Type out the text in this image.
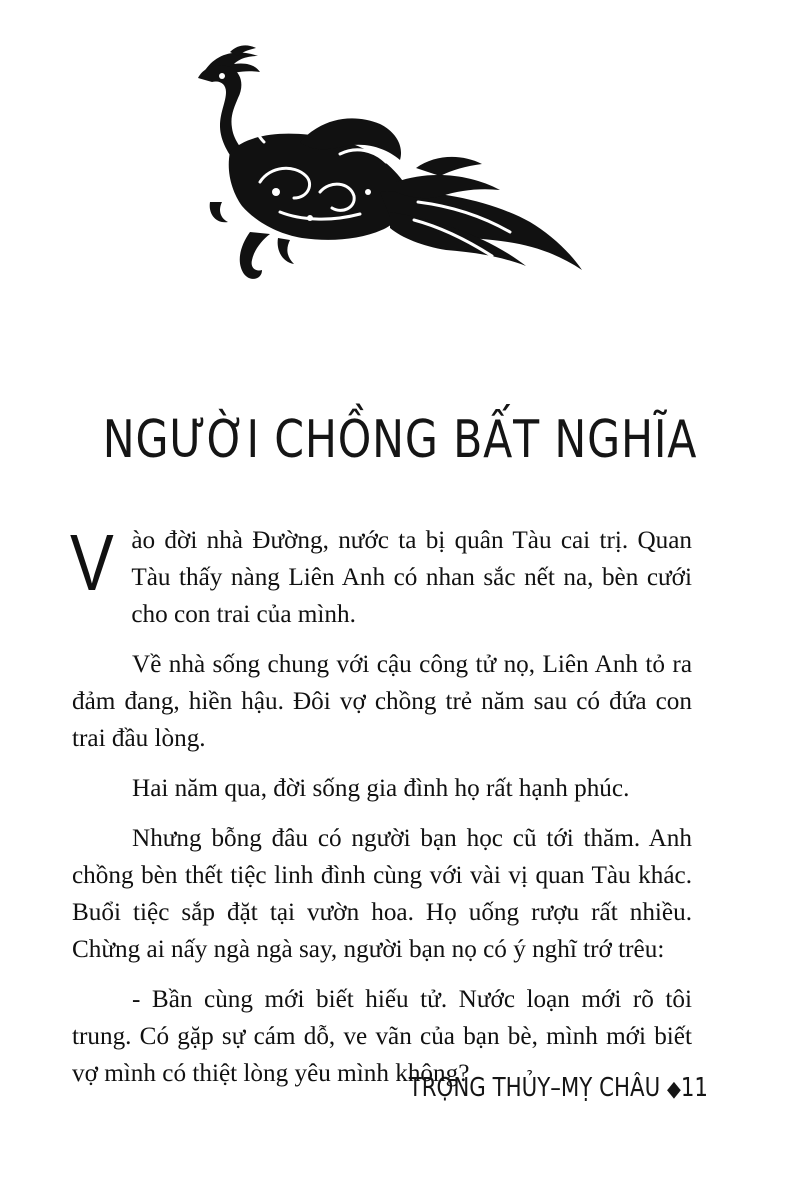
NGƯỜI CHỒNG BẤT NGHĨA

Vào đời nhà Đường, nước ta bị quân Tàu cai trị. Quan Tàu thấy nàng Liên Anh có nhan sắc nết na, bèn cưới cho con trai của mình.

Về nhà sống chung với cậu công tử nọ, Liên Anh tỏ ra đảm đang, hiền hậu. Đôi vợ chồng trẻ năm sau có đứa con trai đầu lòng.

Hai năm qua, đời sống gia đình họ rất hạnh phúc.

Nhưng bỗng đâu có người bạn học cũ tới thăm. Anh chồng bèn thết tiệc linh đình cùng với vài vị quan Tàu khác. Buổi tiệc sắp đặt tại vườn hoa. Họ uống rượu rất nhiều. Chừng ai nấy ngà ngà say, người bạn nọ có ý nghĩ trớ trêu:

- Bần cùng mới biết hiếu tử. Nước loạn mới rõ tôi trung. Có gặp sự cám dỗ, ve vãn của bạn bè, mình mới biết vợ mình có thiệt lòng yêu mình không?

TRỌNG THỦY–MỴ CHÂU ◆11
